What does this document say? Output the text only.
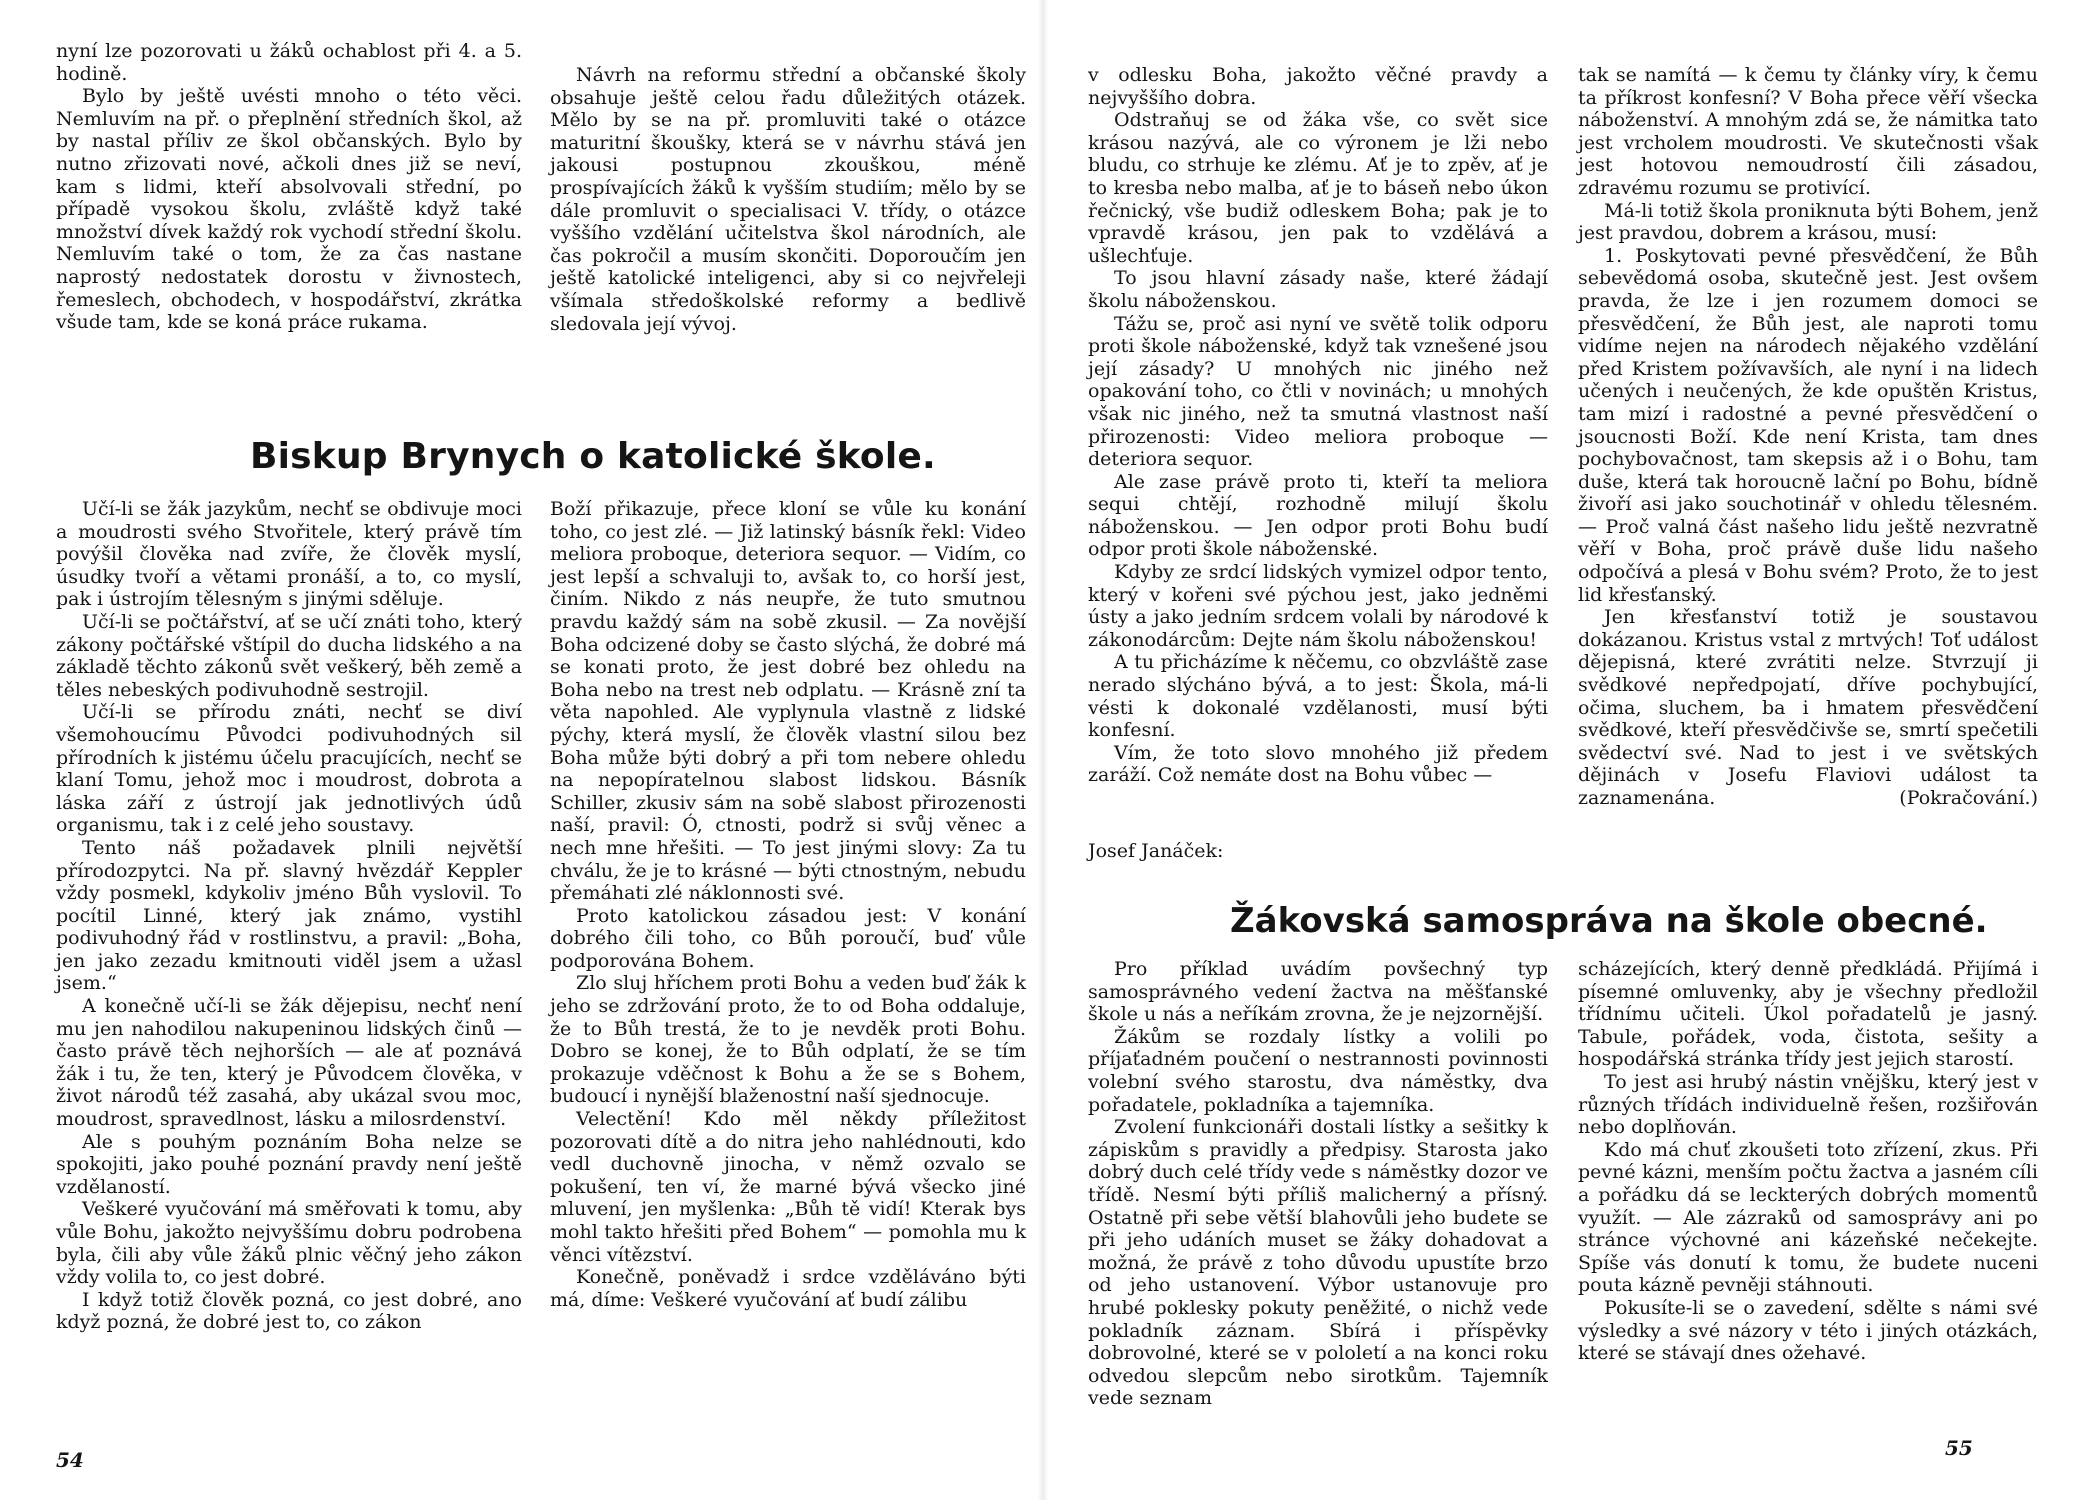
nyní lze pozorovati u žáků ochablost při 4. a 5. hodině.

Bylo by ještě uvésti mnoho o této věci. Nemluvím na př. o přeplnění středních škol, až by nastal příliv ze škol občanských. Bylo by nutno zřizovati nové, ačkoli dnes již se neví, kam s lidmi, kteří absolvovali střední, po případě vysokou školu, zvláště když také množství dívek každý rok vychodí střední školu. Nemluvím také o tom, že za čas nastane naprostý nedostatek dorostu v živnostech, řemeslech, obchodech, v hospodářství, zkrátka všude tam, kde se koná práce rukama.

Návrh na reformu střední a občanské školy obsahuje ještě celou řadu důležitých otázek. Mělo by se na př. promluviti také o otázce maturitní škoušky, která se v návrhu stává jen jakousi postupnou zkouškou, méně prospívajících žáků k vyšším studiím; mělo by se dále promluvit o specialisaci V. třídy, o otázce vyššího vzdělání učitelstva škol národních, ale čas pokročil a musím skončiti. Doporoučím jen ještě katolické inteligenci, aby si co nejvřeleji všímala středoškolské reformy a bedlivě sledovala její vývoj.

Biskup Brynych o katolické škole.

Učí-li se žák jazykům, nechť se obdivuje moci a moudrosti svého Stvořitele, který právě tím povýšil člověka nad zvíře, že člověk myslí, úsudky tvoří a větami pronáší, a to, co myslí, pak i ústrojím tělesným s jinými sděluje.

Učí-li se počtářství, ať se učí znáti toho, který zákony počtářské vštípil do ducha lidského a na základě těchto zákonů svět veškerý, běh země a těles nebeských podivuhodně sestrojil.

Učí-li se přírodu znáti, nechť se diví všemohoucímu Původci podivuhodných sil přírodních k jistému účelu pracujících, nechť se klaní Tomu, jehož moc i moudrost, dobrota a láska září z ústrojí jak jednotlivých údů organismu, tak i z celé jeho soustavy.

Tento náš požadavek plnili největší přírodozpytci. Na př. slavný hvězdář Keppler vždy posmekl, kdykoliv jméno Bůh vyslovil. To pocítil Linné, který jak známo, vystihl podivuhodný řád v rostlinstvu, a pravil: „Boha, jen jako zezadu kmitnouti viděl jsem a užasl jsem.“

A konečně učí-li se žák dějepisu, nechť není mu jen nahodilou nakupeninou lidských činů — často právě těch nejhorších — ale ať poznává žák i tu, že ten, který je Původcem člověka, v život národů též zasahá, aby ukázal svou moc, moudrost, spravedlnost, lásku a milosrdenství.

Ale s pouhým poznáním Boha nelze se spokojiti, jako pouhé poznání pravdy není ještě vzdělaností.

Veškeré vyučování má směřovati k tomu, aby vůle Bohu, jakožto nejvyššímu dobru podrobena byla, čili aby vůle žáků plnic věčný jeho zákon vždy volila to, co jest dobré.

I když totiž člověk pozná, co jest dobré, ano když pozná, že dobré jest to, co zákon

Boží přikazuje, přece kloní se vůle ku konání toho, co jest zlé. — Již latinský básník řekl: Video meliora proboque, deteriora sequor. — Vidím, co jest lepší a schvaluji to, avšak to, co horší jest, činím. Nikdo z nás neupře, že tuto smutnou pravdu každý sám na sobě zkusil. — Za novější Boha odcizené doby se často slýchá, že dobré má se konati proto, že jest dobré bez ohledu na Boha nebo na trest neb odplatu. — Krásně zní ta věta napohled. Ale vyplynula vlastně z lidské pýchy, která myslí, že člověk vlastní silou bez Boha může býti dobrý a při tom nebere ohledu na nepopíratelnou slabost lidskou. Básník Schiller, zkusiv sám na sobě slabost přirozenosti naší, pravil: Ó, ctnosti, podrž si svůj věnec a nech mne hřešiti. — To jest jinými slovy: Za tu chválu, že je to krásné — býti ctnostným, nebudu přemáhati zlé náklonnosti své.

Proto katolickou zásadou jest: V konání dobrého čili toho, co Bůh poroučí, buď vůle podporována Bohem.

Zlo sluj hříchem proti Bohu a veden buď žák k jeho se zdržování proto, že to od Boha oddaluje, že to Bůh trestá, že to je nevděk proti Bohu. Dobro se konej, že to Bůh odplatí, že se tím prokazuje vděčnost k Bohu a že se s Bohem, budoucí i nynější blaženostní naší sjednocuje.

Velectění! Kdo měl někdy příležitost pozorovati dítě a do nitra jeho nahlédnouti, kdo vedl duchovně jinocha, v němž ozvalo se pokušení, ten ví, že marné bývá všecko jiné mluvení, jen myšlenka: „Bůh tě vidí! Kterak bys mohl takto hřešiti před Bohem“ — pomohla mu k věnci vítězství.

Konečně, poněvadž i srdce vzděláváno býti má, díme: Veškeré vyučování ať budí zálibu

54

v odlesku Boha, jakožto věčné pravdy a nejvyššího dobra.

Odstraňuj se od žáka vše, co svět sice krásou nazývá, ale co výronem je lži nebo bludu, co strhuje ke zlému. Ať je to zpěv, ať je to kresba nebo malba, ať je to báseň nebo úkon řečnický, vše budiž odleskem Boha; pak je to vpravdě krásou, jen pak to vzdělává a ušlechťuje.

To jsou hlavní zásady naše, které žádají školu náboženskou.

Tážu se, proč asi nyní ve světě tolik odporu proti škole náboženské, když tak vznešené jsou její zásady? U mnohých nic jiného než opakování toho, co čtli v novinách; u mnohých však nic jiného, než ta smutná vlastnost naší přirozenosti: Video meliora proboque — deteriora sequor.

Ale zase právě proto ti, kteří ta meliora sequi chtějí, rozhodně milují školu náboženskou. — Jen odpor proti Bohu budí odpor proti škole náboženské.

Kdyby ze srdcí lidských vymizel odpor tento, který v kořeni své pýchou jest, jako jedněmi ústy a jako jedním srdcem volali by národové k zákonodárcům: Dejte nám školu náboženskou!

A tu přicházíme k něčemu, co obzvláště zase nerado slýcháno bývá, a to jest: Škola, má-li vésti k dokonalé vzdělanosti, musí býti konfesní.

Vím, že toto slovo mnohého již předem zaráží. Což nemáte dost na Bohu vůbec —

tak se namítá — k čemu ty články víry, k čemu ta příkrost konfesní? V Boha přece věří všecka náboženství. A mnohým zdá se, že námitka tato jest vrcholem moudrosti. Ve skutečnosti však jest hotovou nemoudrostí čili zásadou, zdravému rozumu se protivící.

Má-li totiž škola proniknuta býti Bohem, jenž jest pravdou, dobrem a krásou, musí:

1. Poskytovati pevné přesvědčení, že Bůh sebevědomá osoba, skutečně jest. Jest ovšem pravda, že lze i jen rozumem domoci se přesvědčení, že Bůh jest, ale naproti tomu vidíme nejen na národech nějakého vzdělání před Kristem požívavších, ale nyní i na lidech učených i neučených, že kde opuštěn Kristus, tam mizí i radostné a pevné přesvědčení o jsoucnosti Boží. Kde není Krista, tam dnes pochybovačnost, tam skepsis až i o Bohu, tam duše, která tak horoucně lační po Bohu, bídně živoří asi jako souchotinář v ohledu tělesném. — Proč valná část našeho lidu ještě nezvratně věří v Boha, proč právě duše lidu našeho odpočívá a plesá v Bohu svém? Proto, že to jest lid křesťanský.

Jen křesťanství totiž je soustavou dokázanou. Kristus vstal z mrtvých! Toť událost dějepisná, které zvrátiti nelze. Stvrzují ji svědkové nepředpojatí, dříve pochybující, očima, sluchem, ba i hmatem přesvědčení svědkové, kteří přesvědčivše se, smrtí spečetili svědectví své. Nad to jest i ve světských dějinách v Josefu Flaviovi událost ta zaznamenána.	(Pokračování.)

Josef Janáček:
Žákovská samospráva na škole obecné.

Pro příklad uvádím povšechný typ samosprávného vedení žactva na měšťanské škole u nás a neříkám zrovna, že je nejzornější.

Žákům se rozdaly lístky a volili po příjaťadném poučení o nestrannosti povinnosti volební svého starostu, dva náměstky, dva pořadatele, pokladníka a tajemníka.

Zvolení funkcionáři dostali lístky a sešitky k zápiskům s pravidly a předpisy. Starosta jako dobrý duch celé třídy vede s náměstky dozor ve třídě. Nesmí býti příliš malicherný a přísný. Ostatně při sebe větší blahovůli jeho budete se při jeho udáních muset se žáky dohadovat a možná, že právě z toho důvodu upustíte brzo od jeho ustanovení. Výbor ustanovuje pro hrubé poklesky pokuty peněžité, o nichž vede pokladník záznam. Sbírá i příspěvky dobrovolné, které se v pololetí a na konci roku odvedou slepcům nebo sirotkům. Tajemník vede seznam

scházejících, který denně předkládá. Přijímá i písemné omluvenky, aby je všechny předložil třídnímu učiteli. Úkol pořadatelů je jasný. Tabule, pořádek, voda, čistota, sešity a hospodářská stránka třídy jest jejich starostí.

To jest asi hrubý nástin vnějšku, který jest v různých třídách individuelně řešen, rozšiřován nebo doplňován.

Kdo má chuť zkoušeti toto zřízení, zkus. Při pevné kázni, menším počtu žactva a jasném cíli a pořádku dá se leckterých dobrých momentů využít. — Ale zázraků od samosprávy ani po stránce výchovné ani kázeňské nečekejte. Spíše vás donutí k tomu, že budete nuceni pouta kázně pevněji stáhnouti.

Pokusíte-li se o zavedení, sdělte s námi své výsledky a své názory v této i jiných otázkách, které se stávají dnes ožehavé.

55
